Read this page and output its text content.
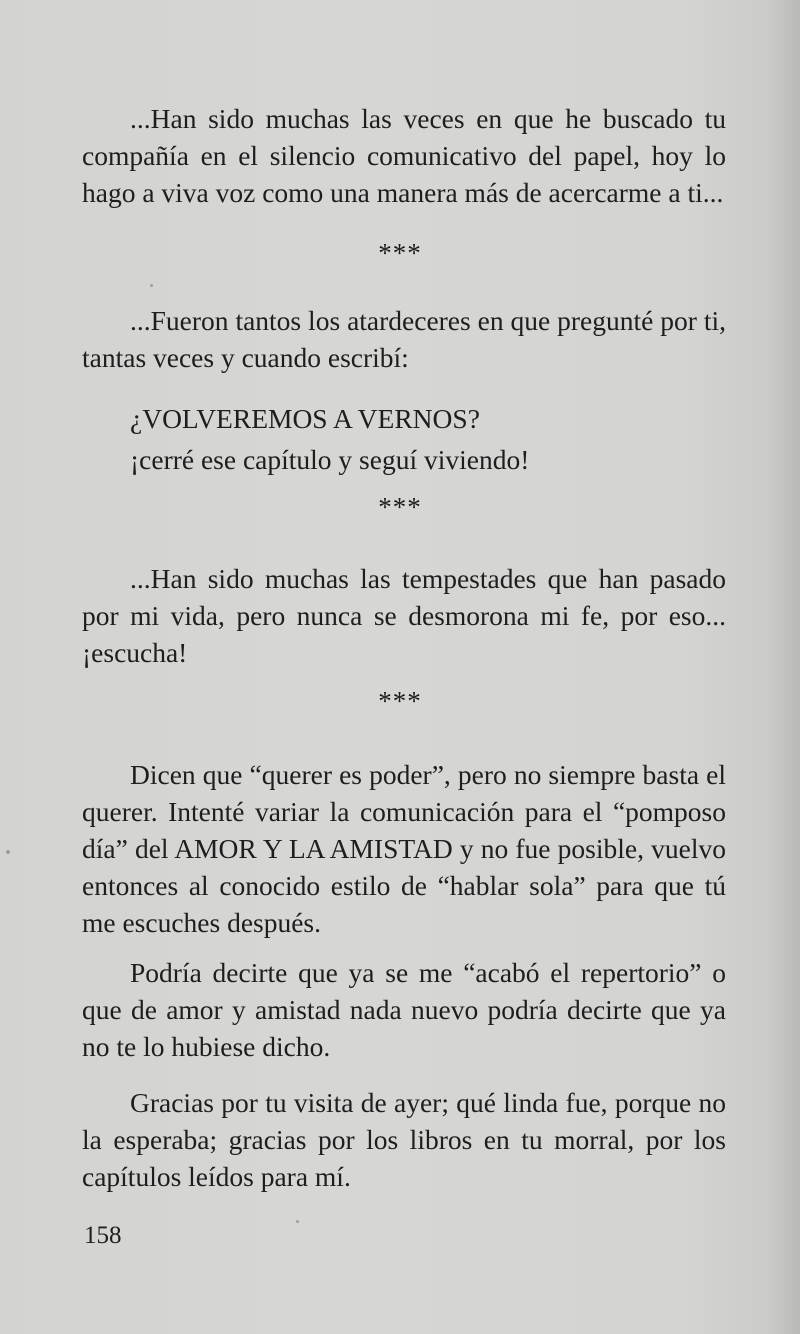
...Han sido muchas las veces en que he buscado tu compañía en el silencio comunicativo del papel, hoy lo hago a viva voz como una manera más de acercarme a ti...

***

...Fueron tantos los atardeceres en que pregunté por ti, tantas veces y cuando escribí:

¿VOLVEREMOS A VERNOS?
¡cerré ese capítulo y seguí viviendo!
***

...Han sido muchas las tempestades que han pasado por mi vida, pero nunca se desmorona mi fe, por eso... ¡escucha!

***

Dicen que “querer es poder”, pero no siempre basta el querer. Intenté variar la comunicación para el “pomposo día” del AMOR Y LA AMISTAD y no fue posible, vuelvo entonces al conocido estilo de “hablar sola” para que tú me escuches después.

Podría decirte que ya se me “acabó el repertorio” o que de amor y amistad nada nuevo podría decirte que ya no te lo hubiese dicho.

Gracias por tu visita de ayer; qué linda fue, porque no la esperaba; gracias por los libros en tu morral, por los capítulos leídos para mí.

158
